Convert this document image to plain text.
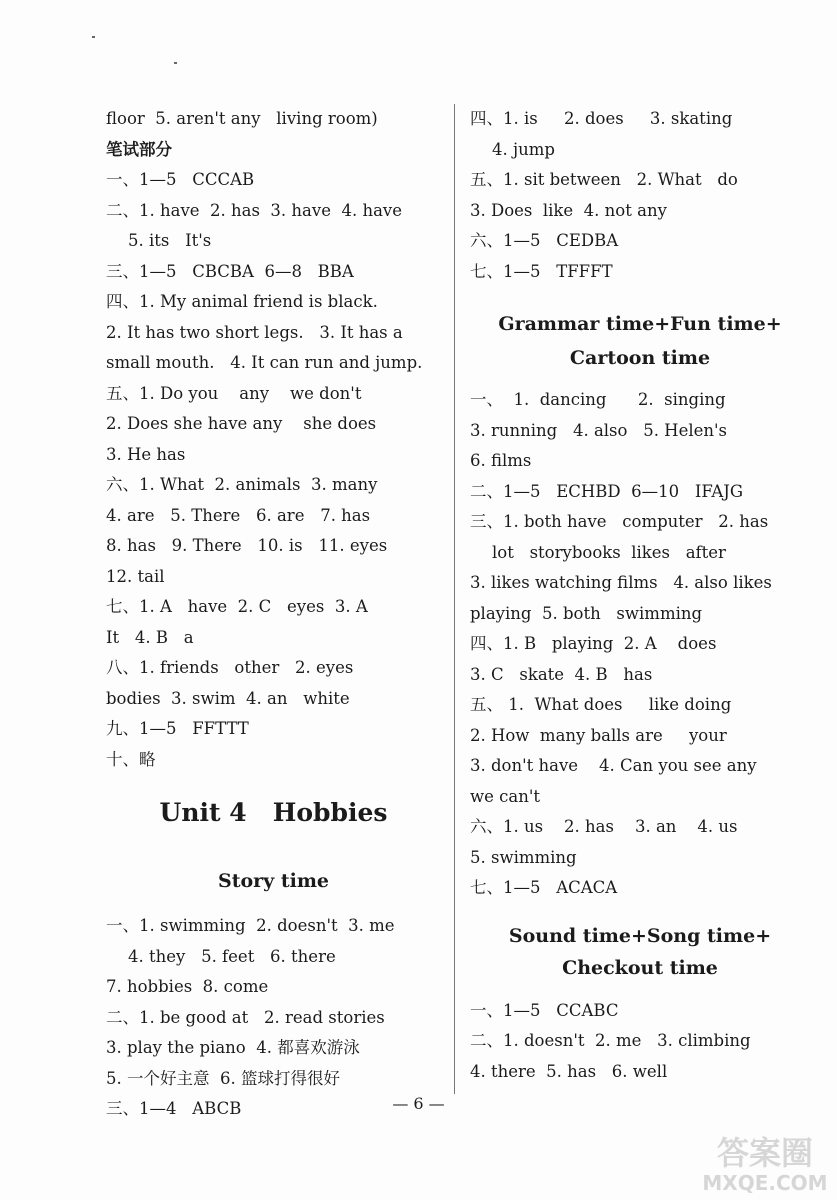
floor  5. aren't any   living room)
笔试部分
一、1—5   CCCAB
二、1. have  2. has  3. have  4. have
5. its   It's
三、1—5   CBCBA  6—8   BBA
四、1. My animal friend is black.
2. It has two short legs.   3. It has a
small mouth.   4. It can run and jump.
五、1. Do you    any    we don't
2. Does she have any    she does
3. He has
六、1. What  2. animals  3. many
4. are   5. There   6. are   7. has
8. has   9. There   10. is   11. eyes
12. tail
七、1. A   have  2. C   eyes  3. A
It   4. B   a
八、1. friends   other   2. eyes
bodies  3. swim  4. an   white
九、1—5   FFTTT
十、略
Unit 4   Hobbies
Story time
一、1. swimming  2. doesn't  3. me
4. they   5. feet   6. there
7. hobbies  8. come
二、1. be good at   2. read stories
3. play the piano  4. 都喜欢游泳
5. 一个好主意  6. 篮球打得很好
三、1—4   ABCB
四、1. is     2. does     3. skating
4. jump
五、1. sit between   2. What   do
3. Does  like  4. not any
六、1—5   CEDBA
七、1—5   TFFFT
Grammar time+Fun time+
Cartoon time
一、  1.  dancing      2.  singing
3. running   4. also   5. Helen's
6. films
二、1—5   ECHBD  6—10   IFAJG
三、1. both have   computer   2. has
lot   storybooks  likes   after
3. likes watching films   4. also likes
playing  5. both   swimming
四、1. B   playing  2. A    does
3. C   skate  4. B   has
五、 1.  What does     like doing
2. How  many balls are     your
3. don't have    4. Can you see any
we can't
六、1. us    2. has    3. an    4. us
5. swimming
七、1—5   ACACA
Sound time+Song time+
Checkout time
一、1—5   CCABC
二、1. doesn't  2. me   3. climbing
4. there  5. has   6. well
— 6 —
答案圈
MXQE.COM
